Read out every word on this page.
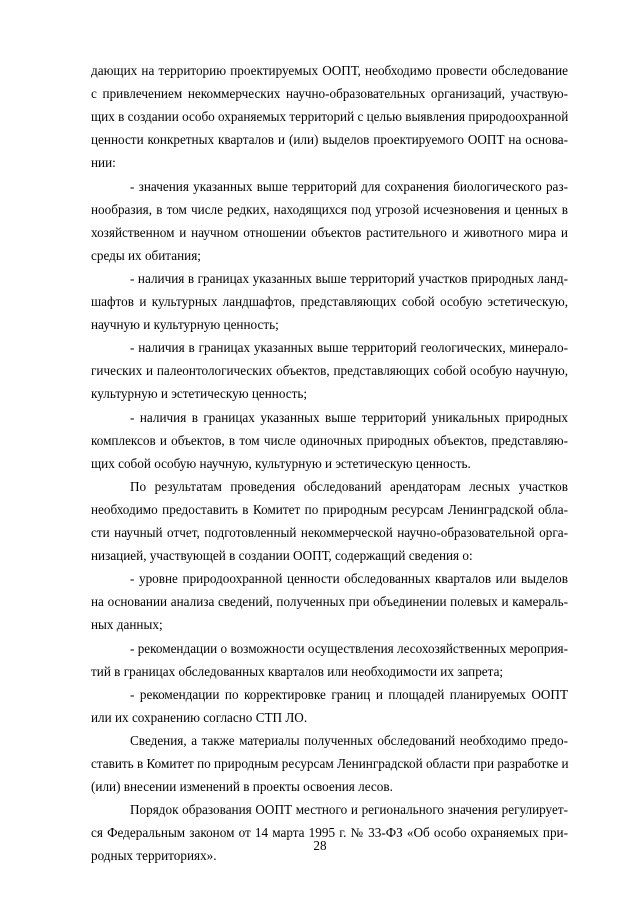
дающих на территорию проектируемых ООПТ, необходимо провести обследование
с привлечением некоммерческих научно-образовательных организаций, участвую-
щих в создании особо охраняемых территорий с целью выявления природоохранной
ценности конкретных кварталов и (или) выделов проектируемого ООПТ на основа-
нии:
- значения указанных выше территорий для сохранения биологического раз-
нообразия, в том числе редких, находящихся под угрозой исчезновения и ценных в
хозяйственном и научном отношении объектов растительного и животного мира и
среды их обитания;
- наличия в границах указанных выше территорий участков природных ланд-
шафтов и культурных ландшафтов, представляющих собой особую эстетическую,
научную и культурную ценность;
- наличия в границах указанных выше территорий геологических, минерало-
гических и палеонтологических объектов, представляющих собой особую научную,
культурную и эстетическую ценность;
- наличия в границах указанных выше территорий уникальных природных
комплексов и объектов, в том числе одиночных природных объектов, представляю-
щих собой особую научную, культурную и эстетическую ценность.
По результатам проведения обследований арендаторам лесных участков
необходимо предоставить в Комитет по природным ресурсам Ленинградской обла-
сти научный отчет, подготовленный некоммерческой научно-образовательной орга-
низацией, участвующей в создании ООПТ, содержащий сведения о:
- уровне природоохранной ценности обследованных кварталов или выделов
на основании анализа сведений, полученных при объединении полевых и камераль-
ных данных;
- рекомендации о возможности осуществления лесохозяйственных мероприя-
тий в границах обследованных кварталов или необходимости их запрета;
- рекомендации по корректировке границ и площадей планируемых ООПТ
или их сохранению согласно СТП ЛО.
Сведения, а также материалы полученных обследований необходимо предо-
ставить в Комитет по природным ресурсам Ленинградской области при разработке и
(или) внесении изменений в проекты освоения лесов.
Порядок образования ООПТ местного и регионального значения регулирует-
ся Федеральным законом от 14 марта 1995 г. № 33-ФЗ «Об особо охраняемых при-
родных территориях».
28
